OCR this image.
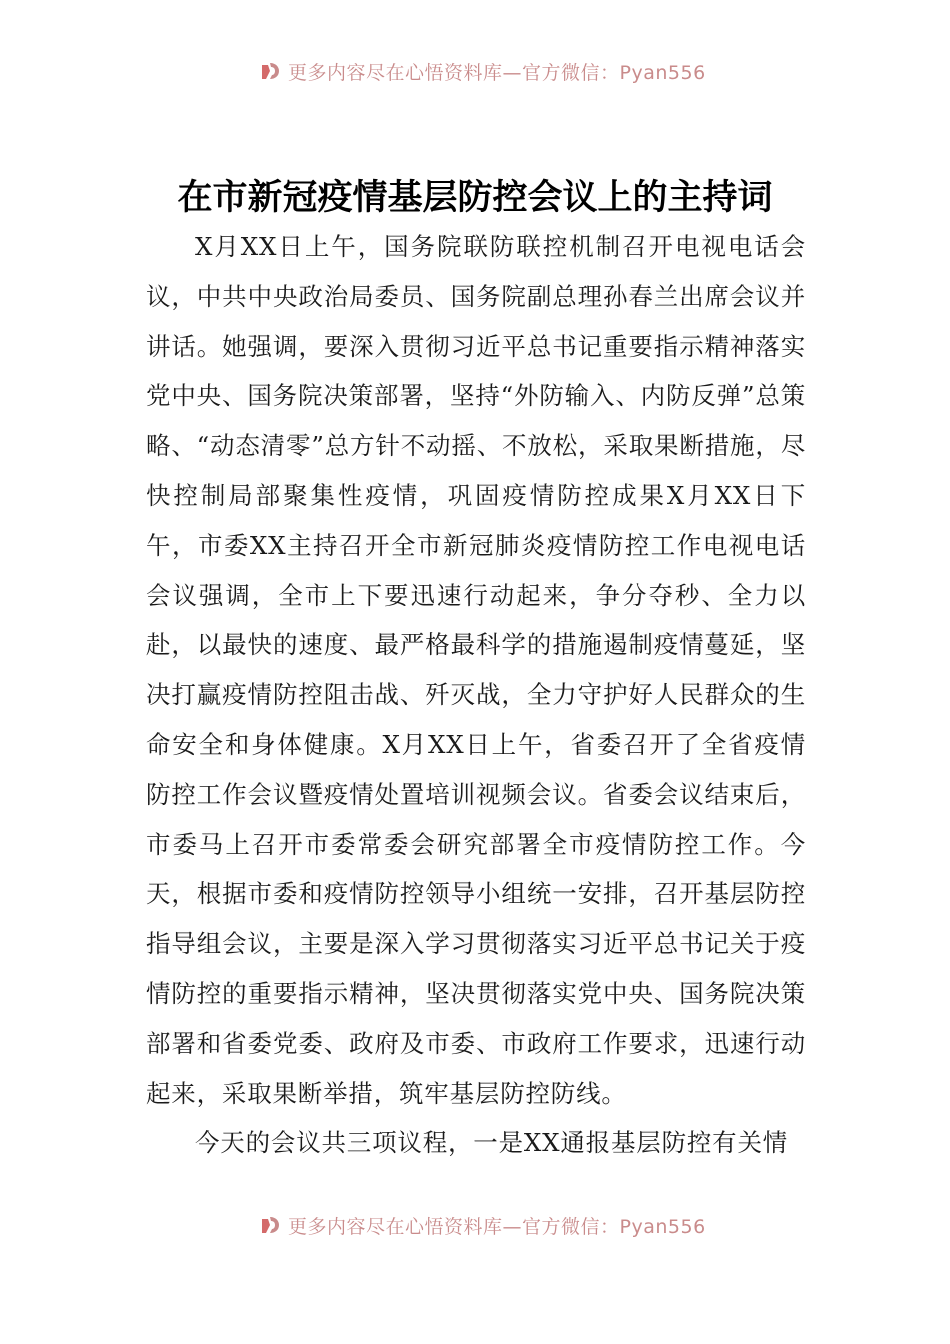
更多内容尽在心悟资料库—官方微信：Pyan556
在市新冠疫情基层防控会议上的主持词

X月XX日上午，国务院联防联控机制召开电视电话会议，中共中央政治局委员、国务院副总理孙春兰出席会议并讲话。她强调，要深入贯彻习近平总书记重要指示精神落实党中央、国务院决策部署，坚持“外防输入、内防反弹”总策略、“动态清零”总方针不动摇、不放松，采取果断措施，尽快控制局部聚集性疫情，巩固疫情防控成果X月XX日下午，市委XX主持召开全市新冠肺炎疫情防控工作电视电话会议强调，全市上下要迅速行动起来，争分夺秒、全力以赴，以最快的速度、最严格最科学的措施遏制疫情蔓延，坚决打赢疫情防控阻击战、歼灭战，全力守护好人民群众的生命安全和身体健康。X月XX日上午，省委召开了全省疫情防控工作会议暨疫情处置培训视频会议。省委会议结束后，市委马上召开市委常委会研究部署全市疫情防控工作。今天，根据市委和疫情防控领导小组统一安排，召开基层防控指导组会议，主要是深入学习贯彻落实习近平总书记关于疫情防控的重要指示精神，坚决贯彻落实党中央、国务院决策部署和省委党委、政府及市委、市政府工作要求，迅速行动起来，采取果断举措，筑牢基层防控防线。

今天的会议共三项议程，一是XX通报基层防控有关情

更多内容尽在心悟资料库—官方微信：Pyan556
